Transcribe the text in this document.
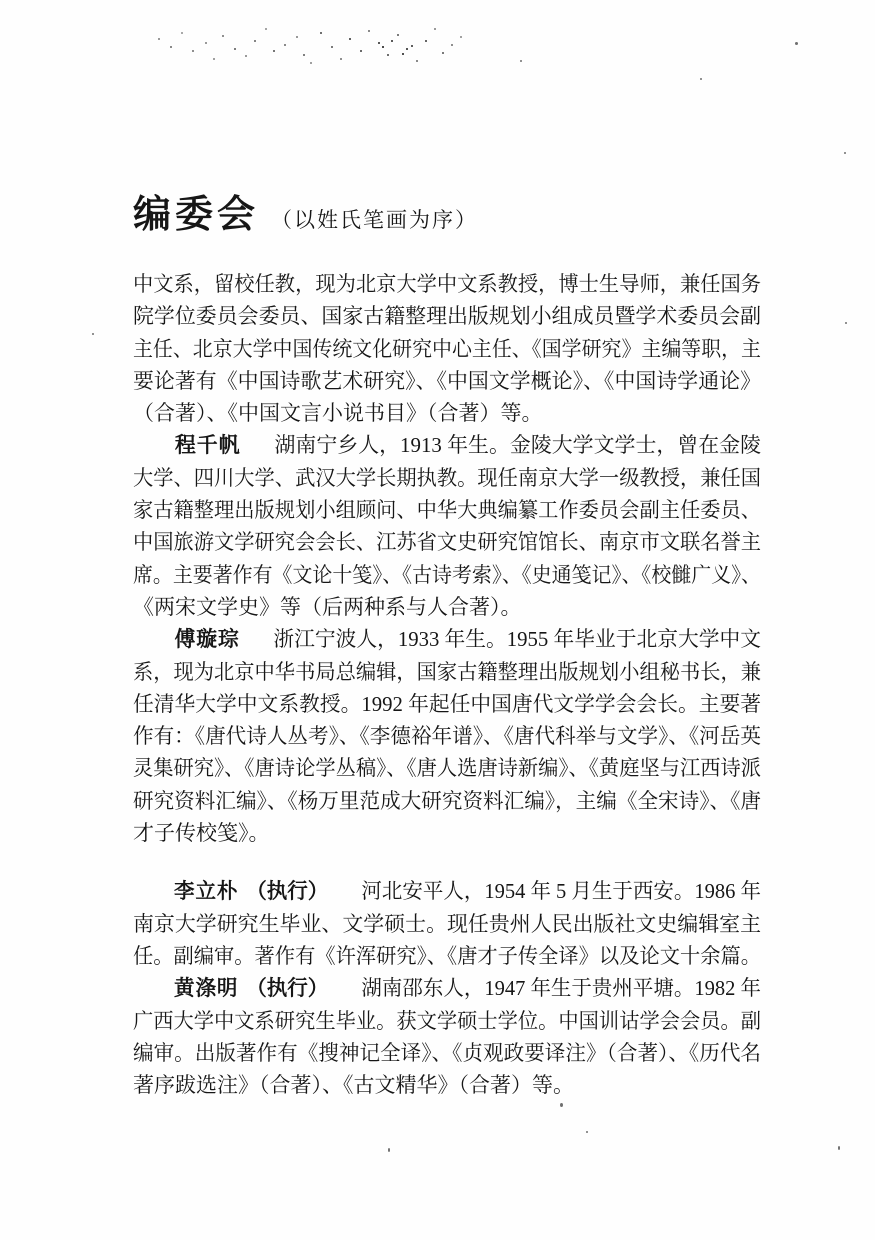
编委会 （以姓氏笔画为序）
中文系，留校任教，现为北京大学中文系教授，博士生导师，兼任国务
院学位委员会委员、国家古籍整理出版规划小组成员暨学术委员会副
主任、北京大学中国传统文化研究中心主任、《国学研究》主编等职，主
要论著有《中国诗歌艺术研究》、《中国文学概论》、《中国诗学通论》
（合著）、《中国文言小说书目》（合著）等。
程千帆 湖南宁乡人，1913 年生。金陵大学文学士，曾在金陵
大学、四川大学、武汉大学长期执教。现任南京大学一级教授，兼任国
家古籍整理出版规划小组顾问、中华大典编纂工作委员会副主任委员、
中国旅游文学研究会会长、江苏省文史研究馆馆长、南京市文联名誉主
席。主要著作有《文论十笺》、《古诗考索》、《史通笺记》、《校雠广义》、
《两宋文学史》等（后两种系与人合著）。
傅璇琮 浙江宁波人，1933 年生。1955 年毕业于北京大学中文
系，现为北京中华书局总编辑，国家古籍整理出版规划小组秘书长，兼
任清华大学中文系教授。1992 年起任中国唐代文学学会会长。主要著
作有：《唐代诗人丛考》、《李德裕年谱》、《唐代科举与文学》、《河岳英
灵集研究》、《唐诗论学丛稿》、《唐人选唐诗新编》、《黄庭坚与江西诗派
研究资料汇编》、《杨万里范成大研究资料汇编》，主编《全宋诗》、《唐
才子传校笺》。
李立朴 （执行） 河北安平人，1954 年 5 月生于西安。1986 年
南京大学研究生毕业、文学硕士。现任贵州人民出版社文史编辑室主
任。副编审。著作有《许浑研究》、《唐才子传全译》以及论文十余篇。
黄涤明 （执行） 湖南邵东人，1947 年生于贵州平塘。1982 年
广西大学中文系研究生毕业。获文学硕士学位。中国训诂学会会员。副
编审。出版著作有《搜神记全译》、《贞观政要译注》（合著）、《历代名
著序跋选注》（合著）、《古文精华》（合著）等。
